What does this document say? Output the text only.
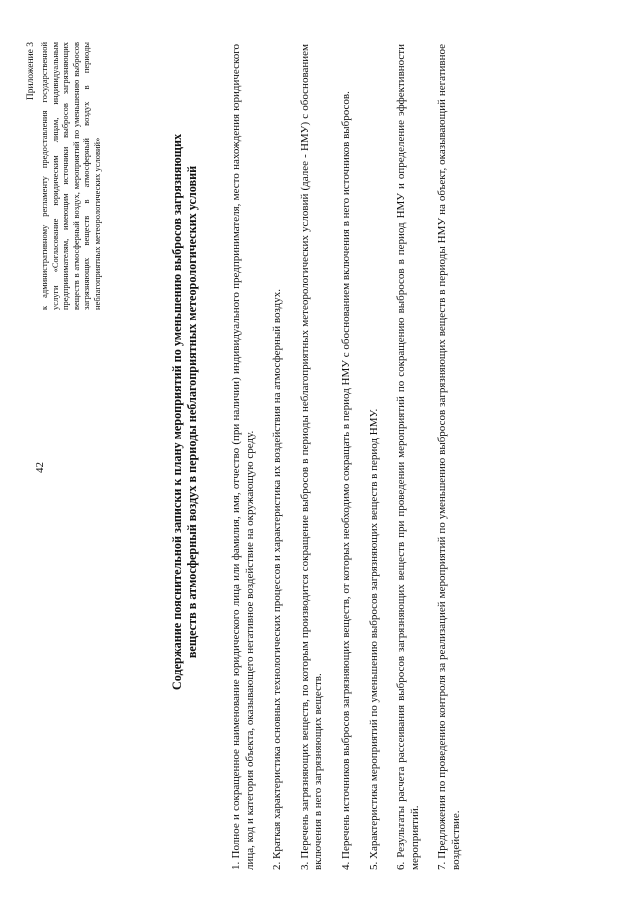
42
Приложение 3 к административному регламенту предоставления государственной услуги «Согласование юридическим лицам, индивидуальным предпринимателям, имеющим источники выбросов загрязняющих веществ в атмосферный воздух, мероприятий по уменьшению выбросов загрязняющих веществ в атмосферный воздух в периоды неблагоприятных метеорологических условий»	Содержание пояснительной записки к плану мероприятий по уменьшению выбросов загрязняющих веществ в атмосферный воздух в периоды неблагоприятных метеорологических условий	1. Полное и сокращенное наименование юридического лица или фамилия, имя, отчество (при наличии) индивидуального предпринимателя, место нахождения юридического лица, код и категория объекта, оказывающего негативное воздействие на окружающую среду. 2. Краткая характеристика основных технологических процессов и характеристика их воздействия на атмосферный воздух. 3. Перечень загрязняющих веществ, по которым производится сокращение выбросов в периоды неблагоприятных метеорологических условий (далее - НМУ) с обоснованием включения в него загрязняющих веществ. 4. Перечень источников выбросов загрязняющих веществ, от которых необходимо сокращать в период НМУ с обоснованием включения в него источников выбросов. 5. Характеристика мероприятий по уменьшению выбросов загрязняющих веществ в период НМУ. 6. Результаты расчета рассеивания выбросов загрязняющих веществ при проведении мероприятий по сокращению выбросов в период НМУ и определение эффективности мероприятий. 7. Предложения по проведению контроля за реализацией мероприятий по уменьшению выбросов загрязняющих веществ в периоды НМУ на объект, оказывающий негативное воздействие.
